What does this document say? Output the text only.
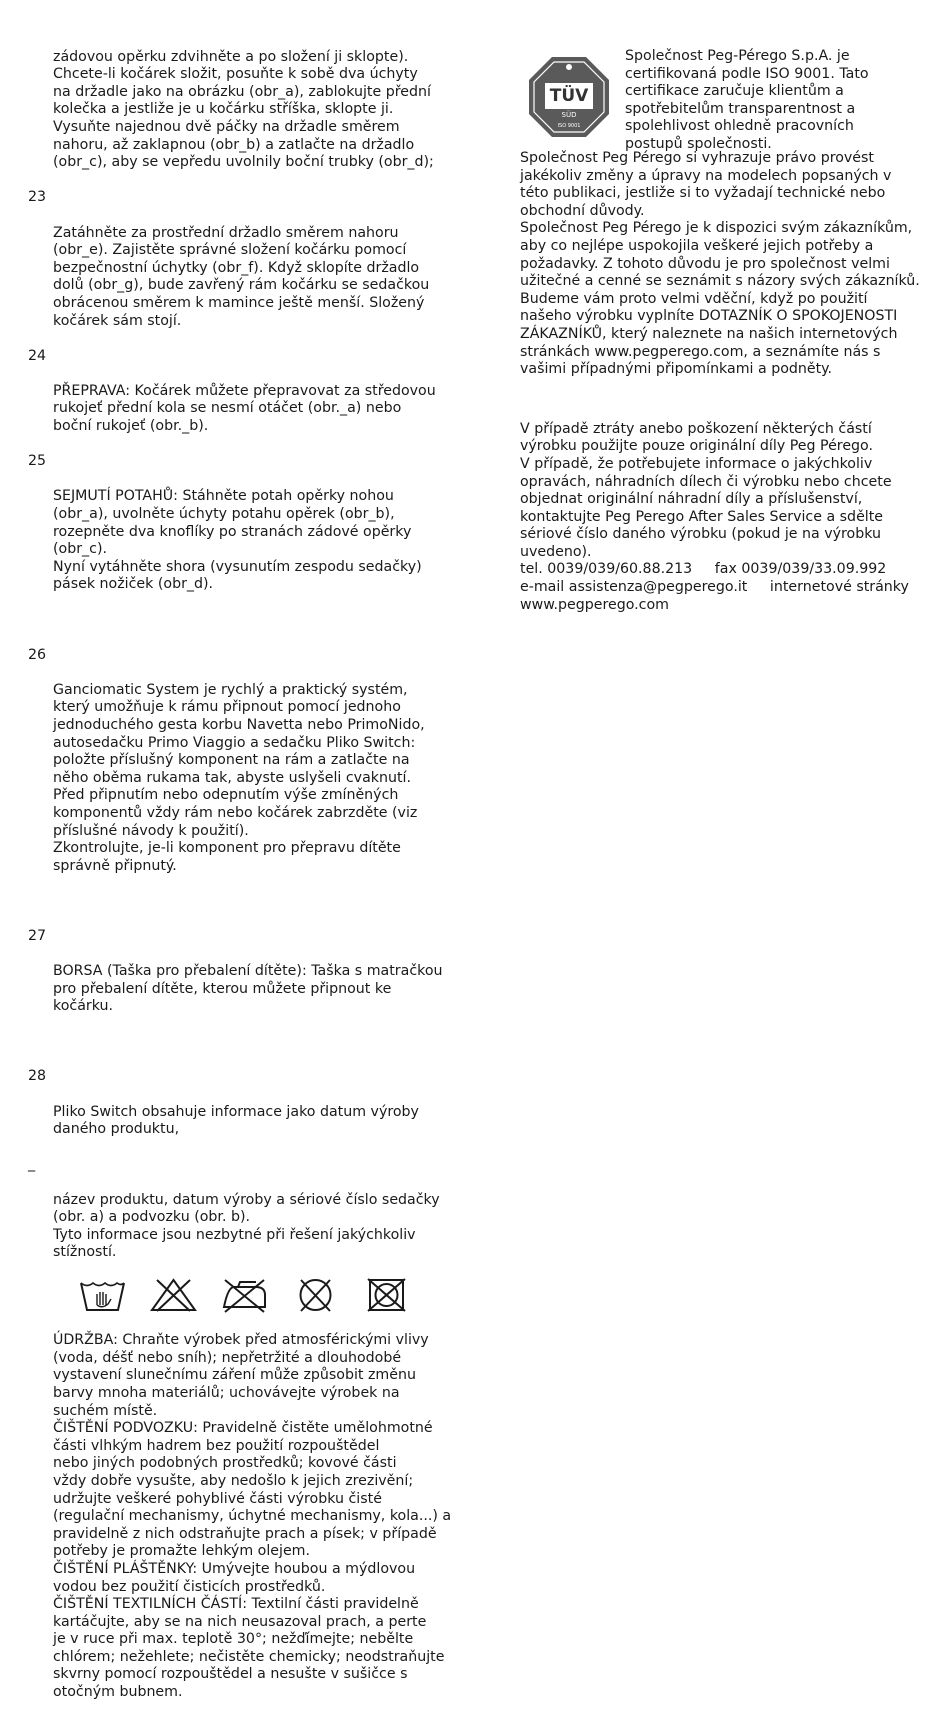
zádovou opěrku zdvihněte a po složení ji sklopte).
Chcete-li kočárek složit, posuňte k sobě dva úchyty
na držadle jako na obrázku (obr_a), zablokujte přední
kolečka a jestliže je u kočárku stříška, sklopte ji.
Vysuňte najednou dvě páčky na držadle směrem
nahoru, až zaklapnou (obr_b) a zatlačte na držadlo
(obr_c), aby se vepředu uvolnily boční trubky (obr_d);

23

Zatáhněte za prostřední držadlo směrem nahoru
(obr_e). Zajistěte správné složení kočárku pomocí
bezpečnostní úchytky (obr_f). Když sklopíte držadlo
dolů (obr_g), bude zavřený rám kočárku se sedačkou
obrácenou směrem k mamince ještě menší. Složený
kočárek sám stojí.

24

PŘEPRAVA: Kočárek můžete přepravovat za středovou
rukojeť přední kola se nesmí otáčet (obr._a) nebo
boční rukojeť (obr._b).

25

SEJMUTÍ POTAHŮ: Stáhněte potah opěrky nohou
(obr_a), uvolněte úchyty potahu opěrek (obr_b),
rozepněte dva knoflíky po stranách zádové opěrky
(obr_c).
Nyní vytáhněte shora (vysunutím zespodu sedačky)
pásek nožiček (obr_d).

26

Ganciomatic System je rychlý a praktický systém,
který umožňuje k rámu připnout pomocí jednoho
jednoduchého gesta korbu Navetta nebo PrimoNido,
autosedačku Primo Viaggio a sedačku Pliko Switch:
položte příslušný komponent na rám a zatlačte na
něho oběma rukama tak, abyste uslyšeli cvaknutí.
Před připnutím nebo odepnutím výše zmíněných
komponentů vždy rám nebo kočárek zabrzděte (viz
příslušné návody k použití).
Zkontrolujte, je-li komponent pro přepravu dítěte
správně připnutý.

27

BORSA (Taška pro přebalení dítěte): Taška s matračkou
pro přebalení dítěte, kterou můžete připnout ke
kočárku.

28

Pliko Switch obsahuje informace jako datum výroby
daného produktu,

_

název produktu, datum výroby a sériové číslo sedačky
(obr. a) a podvozku (obr. b).
Tyto informace jsou nezbytné při řešení jakýchkoliv
stížností.

ÚDRŽBA: Chraňte výrobek před atmosférickými vlivy
(voda, déšť nebo sníh); nepřetržité a dlouhodobé
vystavení slunečnímu záření může způsobit změnu
barvy mnoha materiálů; uchovávejte výrobek na
suchém místě.
ČIŠTĚNÍ PODVOZKU: Pravidelně čistěte umělohmotné
části vlhkým hadrem bez použití rozpouštědel
nebo jiných podobných prostředků; kovové části
vždy dobře vysušte, aby nedošlo k jejich zrezivění;
udržujte veškeré pohyblivé části výrobku čisté
(regulační mechanismy, úchytné mechanismy, kola...) a
pravidelně z nich odstraňujte prach a písek; v případě
potřeby je promažte lehkým olejem.
ČIŠTĚNÍ PLÁŠTĚNKY: Umývejte houbou a mýdlovou
vodou bez použití čisticích prostředků.
ČIŠTĚNÍ TEXTILNÍCH ČÁSTÍ: Textilní části pravidelně
kartáčujte, aby se na nich neusazoval prach, a perte
je v ruce při max. teplotě 30°; nežďímejte; nebělte
chlórem; nežehlete; nečistěte chemicky; neodstraňujte
skvrny pomocí rozpouštědel a nesušte v sušičce s
otočným bubnem.

TÜV
SÜD
ISO 9001
Společnost Peg-Pérego S.p.A. je
certifikovaná podle ISO 9001. Tato
certifikace zaručuje klientům a
spotřebitelům transparentnost a
spolehlivost ohledně pracovních
postupů společnosti.
Společnost Peg Pérego si vyhrazuje právo provést
jakékoliv změny a úpravy na modelech popsaných v
této publikaci, jestliže si to vyžadají technické nebo
obchodní důvody.
Společnost Peg Pérego je k dispozici svým zákazníkům,
aby co nejlépe uspokojila veškeré jejich potřeby a
požadavky. Z tohoto důvodu je pro společnost velmi
užitečné a cenné se seznámit s názory svých zákazníků.
Budeme vám proto velmi vděční, když po použití
našeho výrobku vyplníte DOTAZNÍK O SPOKOJENOSTI
ZÁKAZNÍKŮ, který naleznete na našich internetových
stránkách www.pegperego.com, a seznámíte nás s
vašimi případnými připomínkami a podněty.
V případě ztráty anebo poškození některých částí
výrobku použijte pouze originální díly Peg Pérego.
V případě, že potřebujete informace o jakýchkoliv
opravách, náhradních dílech či výrobku nebo chcete
objednat originální náhradní díly a příslušenství,
kontaktujte Peg Perego After Sales Service a sdělte
sériové číslo daného výrobku (pokud je na výrobku
uvedeno).
tel. 0039/039/60.88.213 fax 0039/039/33.09.992
e-mail assistenza@pegperego.it internetové stránky
www.pegperego.com
